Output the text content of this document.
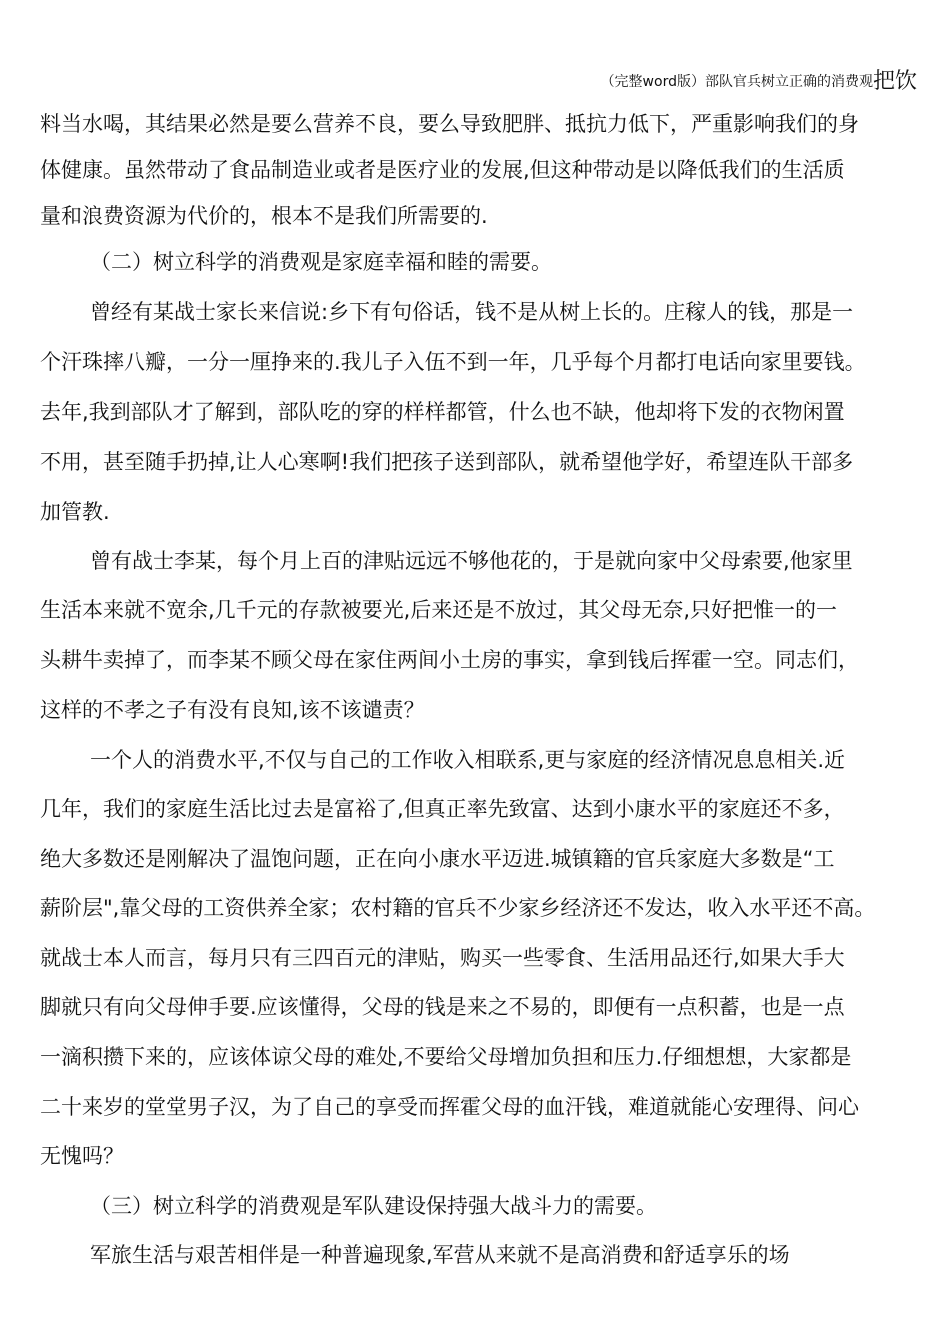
（完整word版）部队官兵树立正确的消费观把饮
料当水喝，其结果必然是要么营养不良，要么导致肥胖、抵抗力低下，严重影响我们的身
体健康。虽然带动了食品制造业或者是医疗业的发展,但这种带动是以降低我们的生活质
量和浪费资源为代价的，根本不是我们所需要的.
（二）树立科学的消费观是家庭幸福和睦的需要。
曾经有某战士家长来信说:乡下有句俗话，钱不是从树上长的。庄稼人的钱，那是一
个汗珠摔八瓣，一分一厘挣来的.我儿子入伍不到一年，几乎每个月都打电话向家里要钱。
去年,我到部队才了解到，部队吃的穿的样样都管，什么也不缺，他却将下发的衣物闲置
不用，甚至随手扔掉,让人心寒啊!我们把孩子送到部队，就希望他学好，希望连队干部多
加管教.
曾有战士李某，每个月上百的津贴远远不够他花的，于是就向家中父母索要,他家里
生活本来就不宽余,几千元的存款被要光,后来还是不放过，其父母无奈,只好把惟一的一
头耕牛卖掉了，而李某不顾父母在家住两间小土房的事实，拿到钱后挥霍一空。同志们，
这样的不孝之子有没有良知,该不该谴责？
一个人的消费水平,不仅与自己的工作收入相联系,更与家庭的经济情况息息相关.近
几年，我们的家庭生活比过去是富裕了,但真正率先致富、达到小康水平的家庭还不多，
绝大多数还是刚解决了温饱问题，正在向小康水平迈进.城镇籍的官兵家庭大多数是“工
薪阶层",靠父母的工资供养全家；农村籍的官兵不少家乡经济还不发达，收入水平还不高。
就战士本人而言，每月只有三四百元的津贴，购买一些零食、生活用品还行,如果大手大
脚就只有向父母伸手要.应该懂得，父母的钱是来之不易的，即便有一点积蓄，也是一点
一滴积攒下来的，应该体谅父母的难处,不要给父母增加负担和压力.仔细想想，大家都是
二十来岁的堂堂男子汉，为了自己的享受而挥霍父母的血汗钱，难道就能心安理得、问心
无愧吗？
（三）树立科学的消费观是军队建设保持强大战斗力的需要。
军旅生活与艰苦相伴是一种普遍现象,军营从来就不是高消费和舒适享乐的场
